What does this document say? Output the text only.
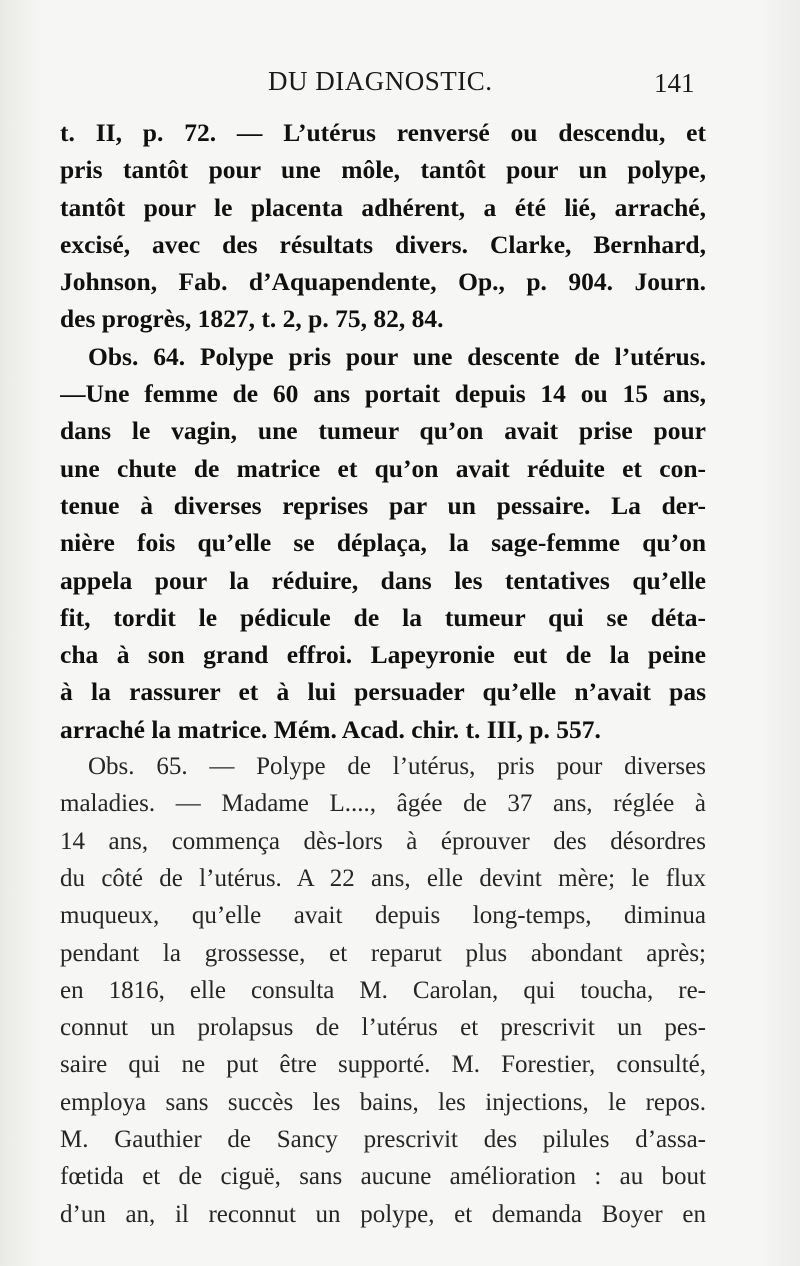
DU DIAGNOSTIC.	141
t. II, p. 72. — L’utérus renversé ou descendu, et
pris tantôt pour une môle, tantôt pour un polype,
tantôt pour le placenta adhérent, a été lié, arraché,
excisé, avec des résultats divers. Clarke, Bernhard,
Johnson, Fab. d’Aquapendente, Op., p. 904. Journ.
des progrès, 1827, t. 2, p. 75, 82, 84.
Obs. 64. Polype pris pour une descente de l’utérus.
—Une femme de 60 ans portait depuis 14 ou 15 ans,
dans le vagin, une tumeur qu’on avait prise pour
une chute de matrice et qu’on avait réduite et con-
tenue à diverses reprises par un pessaire. La der-
nière fois qu’elle se déplaça, la sage-femme qu’on
appela pour la réduire, dans les tentatives qu’elle
fit, tordit le pédicule de la tumeur qui se déta-
cha à son grand effroi. Lapeyronie eut de la peine
à la rassurer et à lui persuader qu’elle n’avait pas
arraché la matrice. Mém. Acad. chir. t. III, p. 557.
Obs. 65. — Polype de l’utérus, pris pour diverses
maladies. — Madame L...., âgée de 37 ans, réglée à
14 ans, commença dès-lors à éprouver des désordres
du côté de l’utérus. A 22 ans, elle devint mère; le flux
muqueux, qu’elle avait depuis long-temps, diminua
pendant la grossesse, et reparut plus abondant après;
en 1816, elle consulta M. Carolan, qui toucha, re-
connut un prolapsus de l’utérus et prescrivit un pes-
saire qui ne put être supporté. M. Forestier, consulté,
employa sans succès les bains, les injections, le repos.
M. Gauthier de Sancy prescrivit des pilules d’assa-
fœtida et de ciguë, sans aucune amélioration : au bout
d’un an, il reconnut un polype, et demanda Boyer en
